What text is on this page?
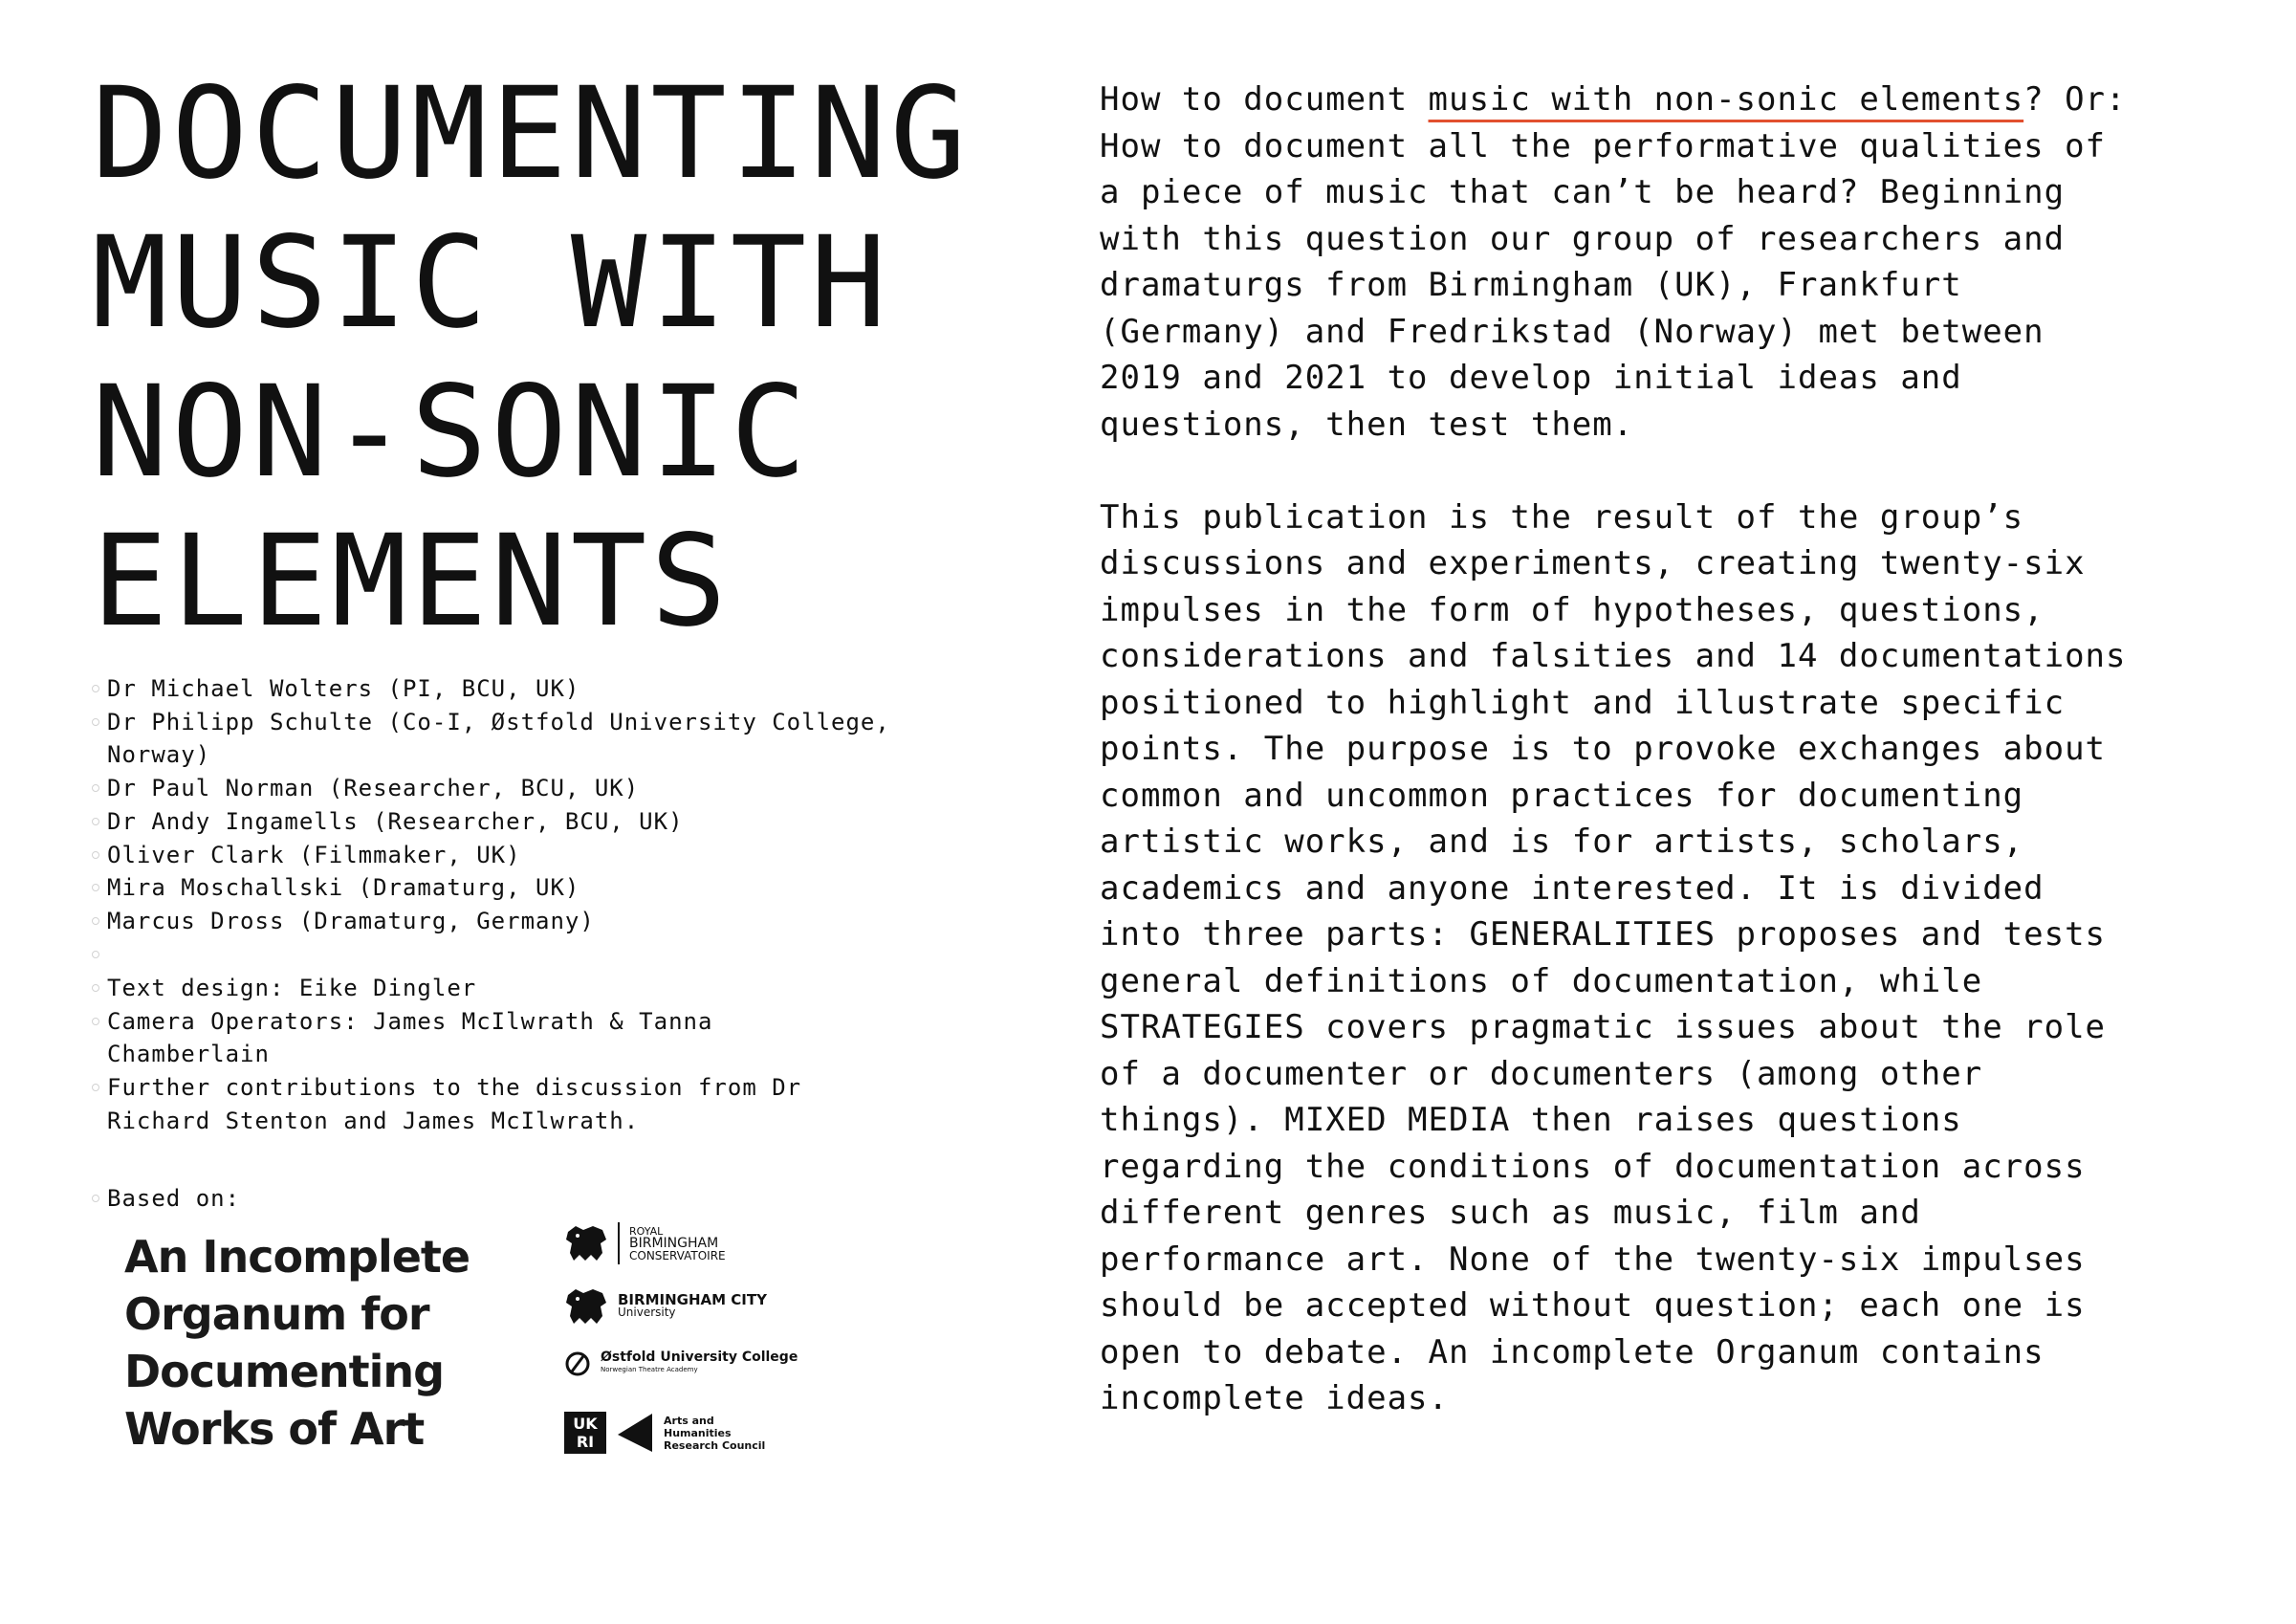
DOCUMENTING
MUSIC WITH
NON-SONIC
ELEMENTS
Dr Michael Wolters (PI, BCU, UK)
Dr Philipp Schulte (Co-I, Østfold University College, Norway)
Dr Paul Norman (Researcher, BCU, UK)
Dr Andy Ingamells (Researcher, BCU, UK)
Oliver Clark (Filmmaker, UK)
Mira Moschallski (Dramaturg, UK)
Marcus Dross (Dramaturg, Germany)

Text design: Eike Dingler
Camera Operators: James McIlwrath & Tanna Chamberlain
Further contributions to the discussion from Dr Richard Stenton and James McIlwrath.
Based on:
An Incomplete
Organum for
Documenting
Works of Art
ROYAL
BIRMINGHAM
CONSERVATOIRE
BIRMINGHAM CITY
University
Østfold University College
Norwegian Theatre Academy
UK RI
Arts and
Humanities
Research Council

How to document music with non-sonic elements? Or: How to document all the performative qualities of a piece of music that can’t be heard? Beginning with this question our group of researchers and dramaturgs from Birmingham (UK), Frankfurt (Germany) and Fredrikstad (Norway) met between 2019 and 2021 to develop initial ideas and questions, then test them.

This publication is the result of the group’s discussions and experiments, creating twenty-six impulses in the form of hypotheses, questions, considerations and falsities and 14 documentations positioned to highlight and illustrate specific points. The purpose is to provoke exchanges about common and uncommon practices for documenting artistic works, and is for artists, scholars, academics and anyone interested. It is divided into three parts: GENERALITIES proposes and tests general definitions of documentation, while STRATEGIES covers pragmatic issues about the role of a documenter or documenters (among other things). MIXED MEDIA then raises questions regarding the conditions of documentation across different genres such as music, film and performance art. None of the twenty-six impulses should be accepted without question; each one is open to debate. An incomplete Organum contains incomplete ideas.
